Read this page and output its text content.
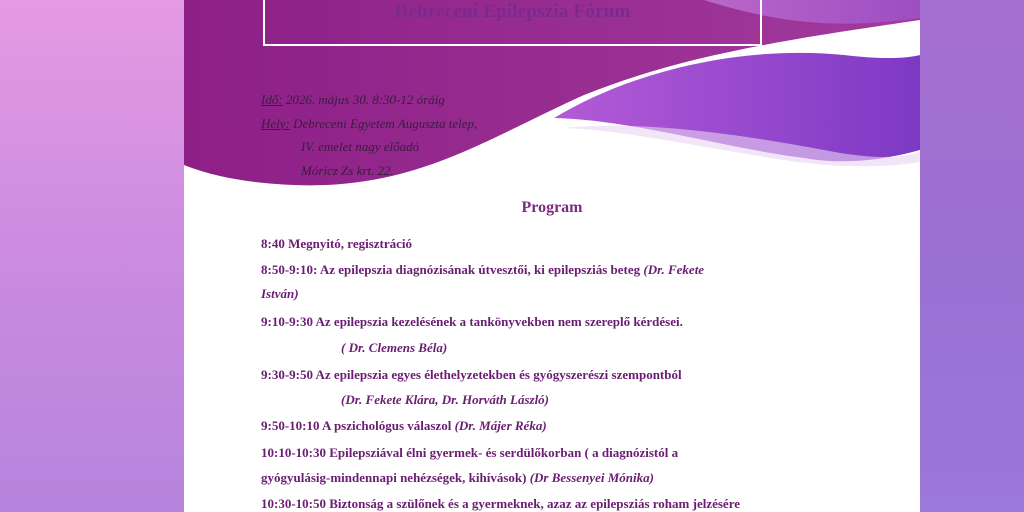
Debreceni Epilepszia Fórum
Idő: 2026. május 30. 8:30-12 óráig
Hely: Debreceni Egyetem Auguszta telep,
IV. emelet nagy előadó
Móricz Zs krt. 22.
Program
8:40 Megnyitó, regisztráció
8:50-9:10: Az epilepszia diagnózisának útvesztői, ki epilepsziás beteg (Dr. Fekete
István)
9:10-9:30 Az epilepszia kezelésének a tankönyvekben nem szereplő kérdései.
( Dr. Clemens Béla)
9:30-9:50 Az epilepszia egyes élethelyzetekben és gyógyszerészi szempontból
(Dr. Fekete Klára, Dr. Horváth László)
9:50-10:10 A pszichológus válaszol (Dr. Májer Réka)
10:10-10:30 Epilepsziával élni gyermek- és serdülőkorban ( a diagnózistól a
gyógyulásig-mindennapi nehézségek, kihívások) (Dr Bessenyei Mónika)
10:30-10:50 Biztonság a szülőnek és a gyermeknek, azaz az epilepsziás roham jelzésére
